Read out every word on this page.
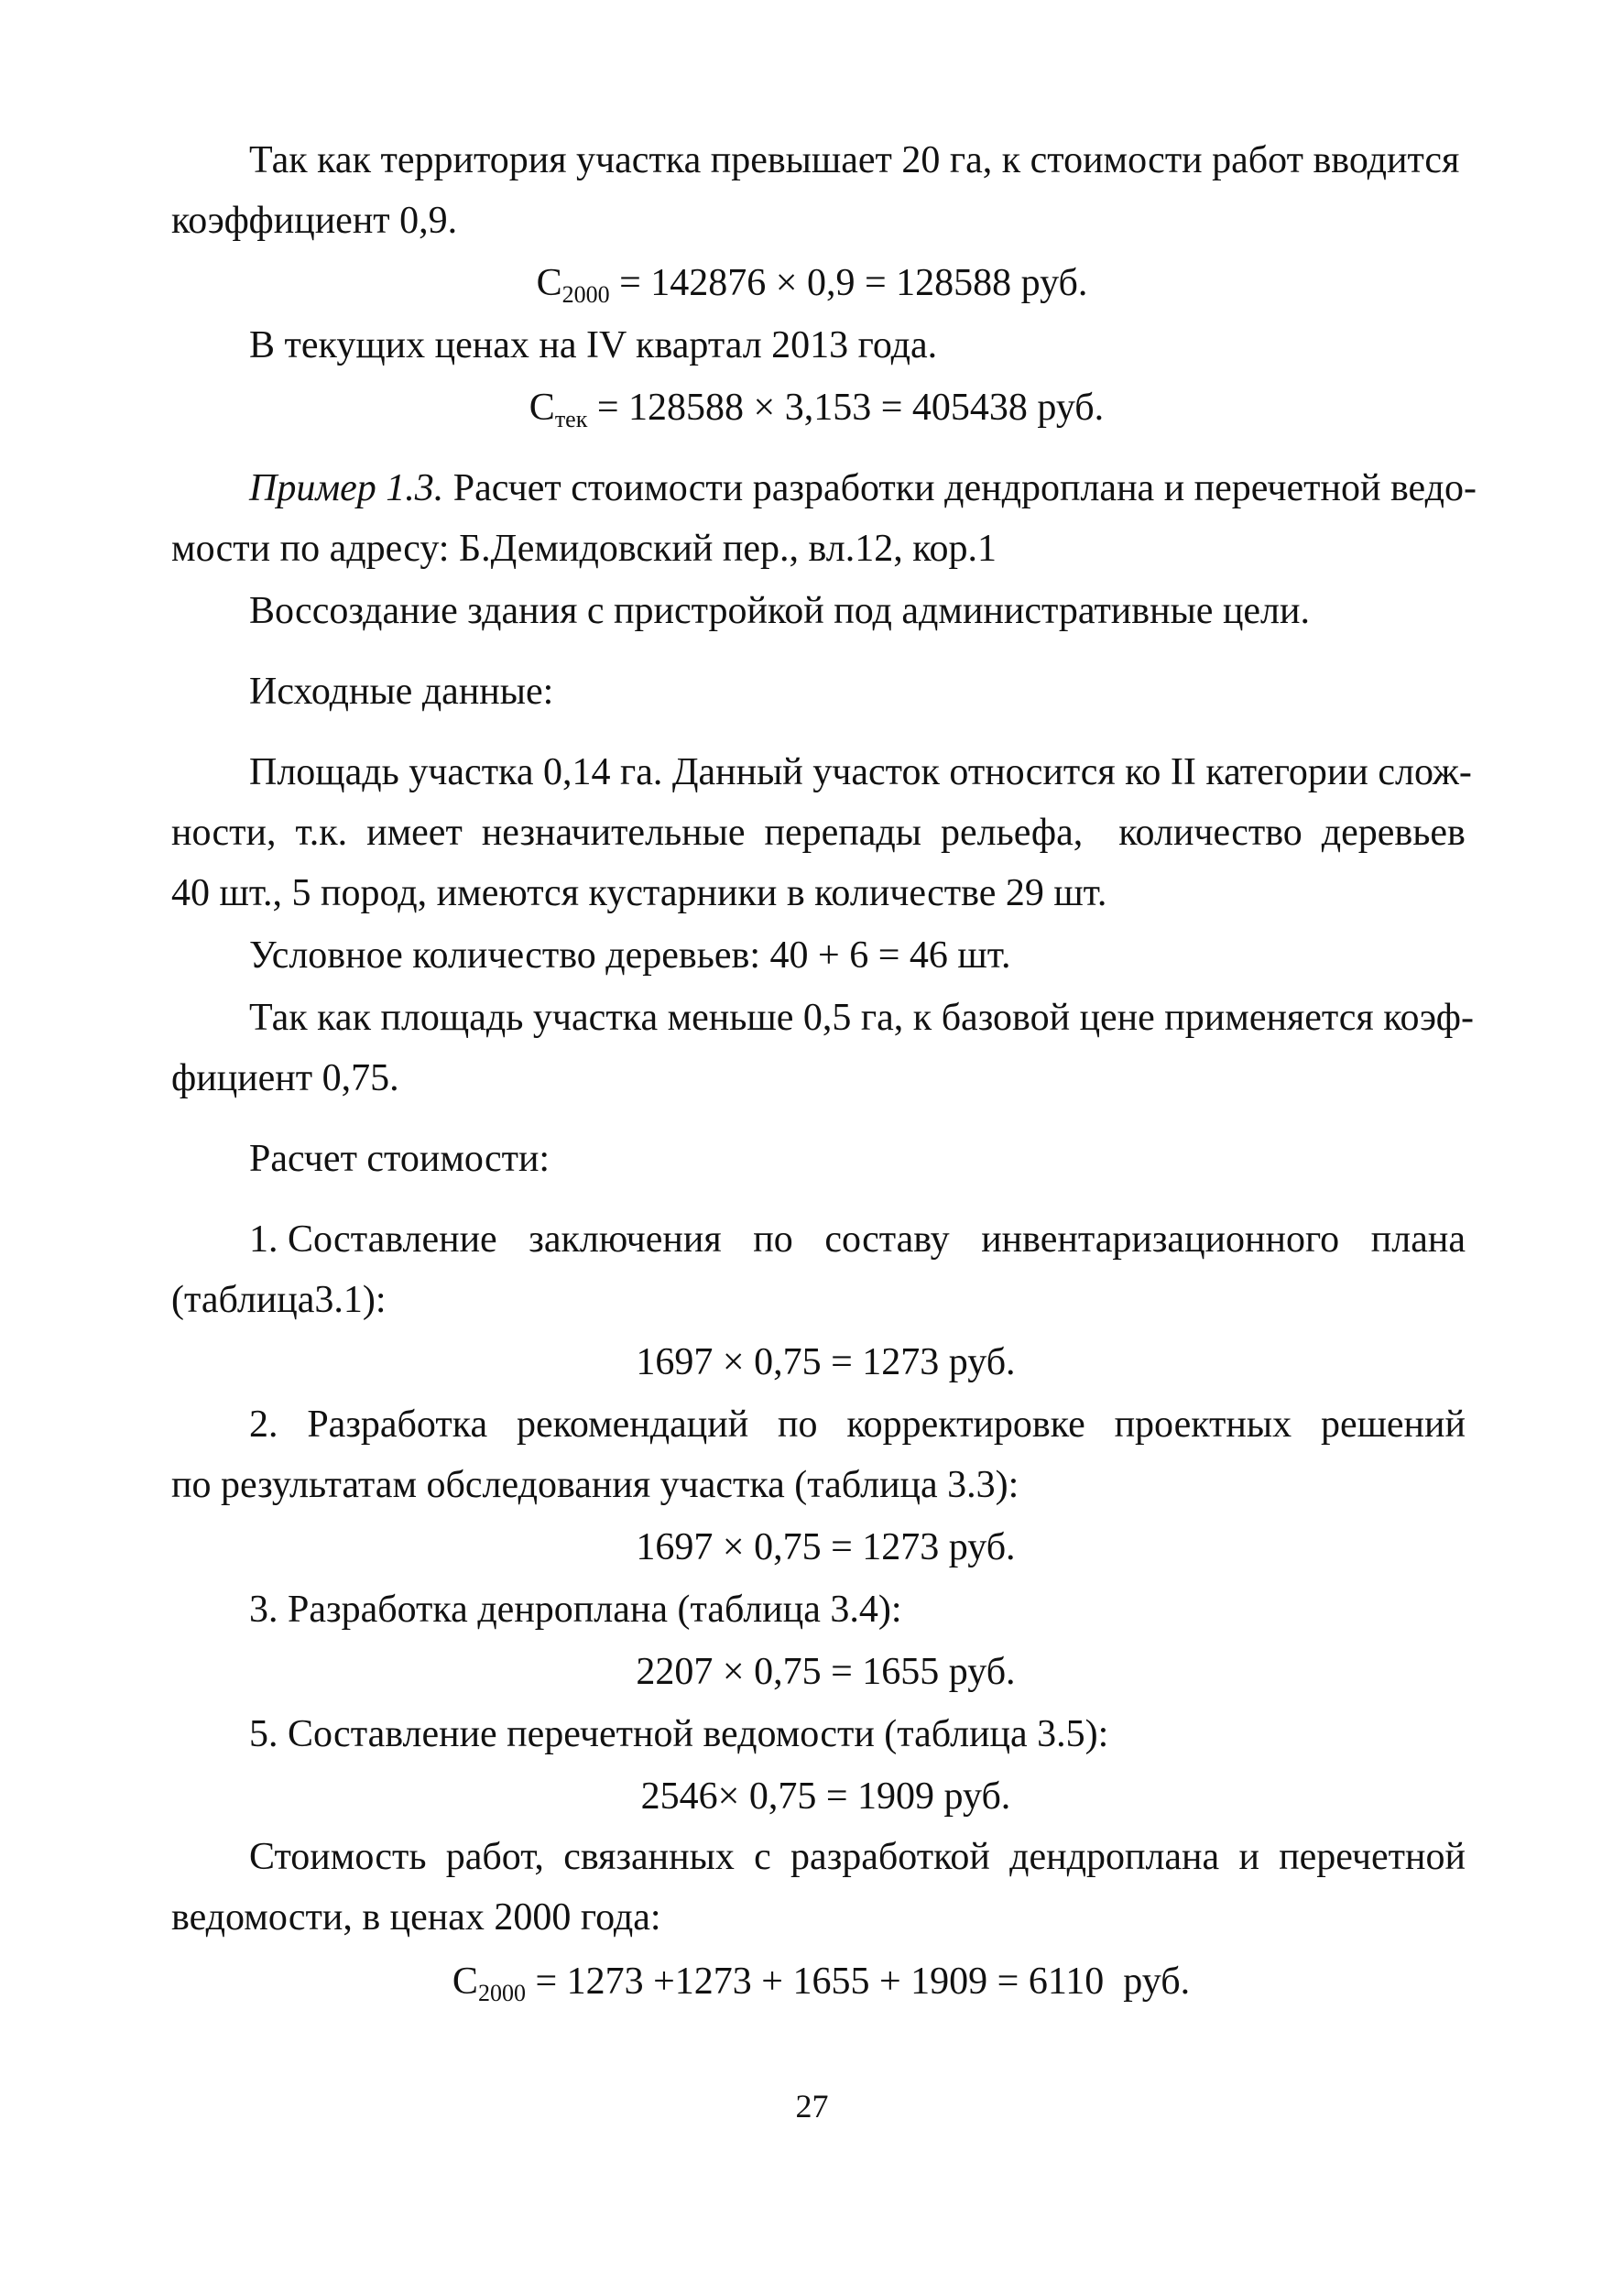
Так как территория участка превышает 20 га, к стоимости работ вводится
коэффициент 0,9.
$С_{2000} = 142876 \times 0,9 = 128588$ руб.
В текущих ценах на IV квартал 2013 года.
$С_{тек} = 128588 \times 3,153 = 405438$ руб.
Пример 1.3. Расчет стоимости разработки дендроплана и перечетной ведо-
мости по адресу: Б.Демидовский пер., вл.12, кор.1
Воссоздание здания с пристройкой под административные цели.
Исходные данные:
Площадь участка 0,14 га. Данный участок относится ко II категории слож-
ности, т.к. имеет незначительные перепады рельефа, количество деревьев
40 шт., 5 пород, имеются кустарники в количестве 29 шт.
Условное количество деревьев: 40 + 6 = 46 шт.
Так как площадь участка меньше 0,5 га, к базовой цене применяется коэф-
фициент 0,75.
Расчет стоимости:
1. Составление заключения по составу инвентаризационного плана
(таблица3.1):
1697 × 0,75 = 1273 руб.
2. Разработка рекомендаций по корректировке проектных решений
по результатам обследования участка (таблица 3.3):
1697 × 0,75 = 1273 руб.
3. Разработка денроплана (таблица 3.4):
2207 × 0,75 = 1655 руб.
5. Составление перечетной ведомости (таблица 3.5):
2546× 0,75 = 1909 руб.
Стоимость работ, связанных с разработкой дендроплана и перечетной
ведомости, в ценах 2000 года:
$С_{2000} = 1273 +1273 + 1655 + 1909 = 6110$  руб.
27
